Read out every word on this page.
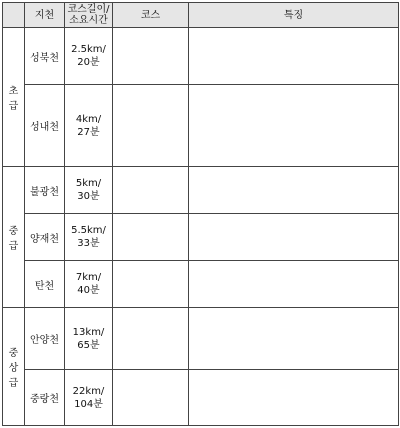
	지천	코스길이/소요시간	코스	특징
초급	성북천	2.5km/
20분		

	성내천	4km/
27분		

중급	불광천	5km/
30분		

	양재천	5.5km/
33분		

	탄천	7km/
40분		

중상급	안양천	13km/
65분		

	중랑천	22km/
104분		
